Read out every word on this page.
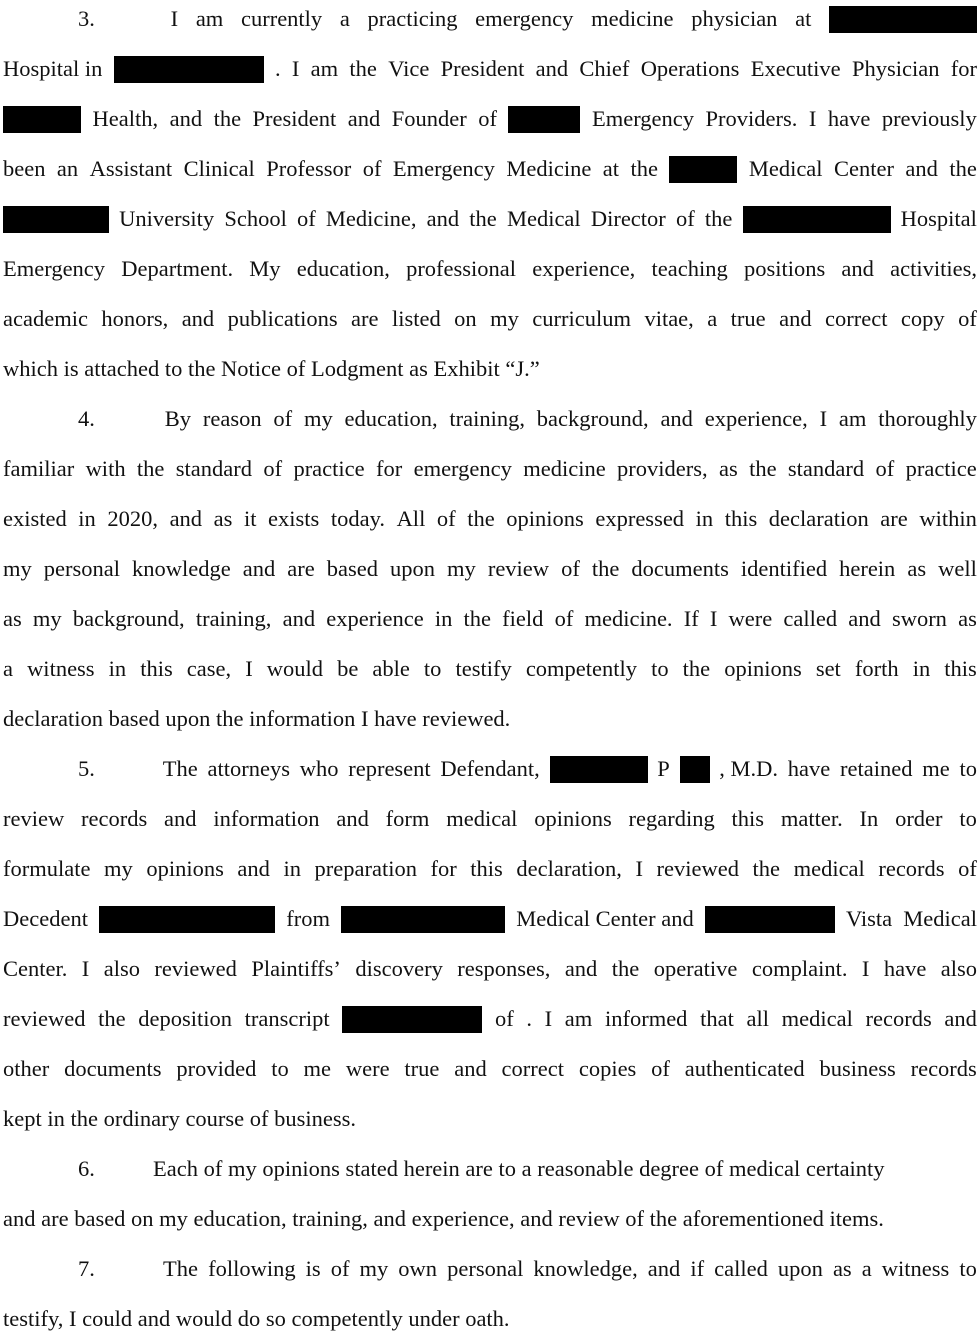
3.	I am currently a practicing emergency medicine physician at
Hospital in	. I am the Vice President and Chief Operations Executive Physician for
Health, and the President and Founder of	Emergency Providers. I have previously
been an Assistant Clinical Professor of Emergency Medicine at the	Medical Center and the
University School of Medicine, and the Medical Director of the	Hospital
Emergency Department. My education, professional experience, teaching positions and activities,
academic honors, and publications are listed on my curriculum vitae, a true and correct copy of
which is attached to the Notice of Lodgment as Exhibit “J.”
4.	By reason of my education, training, background, and experience, I am thoroughly
familiar with the standard of practice for emergency medicine providers, as the standard of practice
existed in 2020, and as it exists today. All of the opinions expressed in this declaration are within
my personal knowledge and are based upon my review of the documents identified herein as well
as my background, training, and experience in the field of medicine. If I were called and sworn as
a witness in this case, I would be able to testify competently to the opinions set forth in this
declaration based upon the information I have reviewed.
5.	The attorneys who represent Defendant,	P , M.D. have retained me to
review records and information and form medical opinions regarding this matter. In order to
formulate my opinions and in preparation for this declaration, I reviewed the medical records of
Decedent	from	Medical Center and	Vista Medical
Center. I also reviewed Plaintiffs’ discovery responses, and the operative complaint. I have also
reviewed the deposition transcript	of . I am informed that all medical records and
other documents provided to me were true and correct copies of authenticated business records
kept in the ordinary course of business.
6.	Each of my opinions stated herein are to a reasonable degree of medical certainty
and are based on my education, training, and experience, and review of the aforementioned items.
7.	The following is of my own personal knowledge, and if called upon as a witness to
testify, I could and would do so competently under oath.
